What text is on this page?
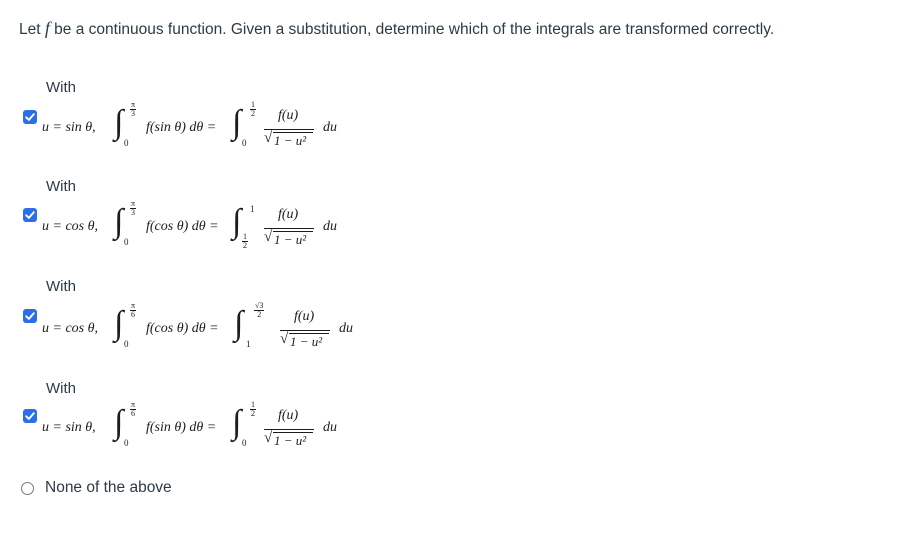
Let f be a continuous function. Given a substitution, determine which of the integrals are transformed correctly.
With
u = sin θ, ∫ π
3
0
f(sin θ) dθ = ∫ 1
2
0
f(u)
√ 1 − u²
du
With
u = cos θ, ∫ π
3
0
f(cos θ) dθ = ∫ 1
1
2
f(u)
√ 1 − u²
du
With
u = cos θ, ∫ π
6
0
f(cos θ) dθ = ∫ √3
2
1
f(u)
√ 1 − u²
du
With
u = sin θ, ∫ π
6
0
f(sin θ) dθ = ∫ 1
2
0
f(u)
√ 1 − u²
du
None of the above
